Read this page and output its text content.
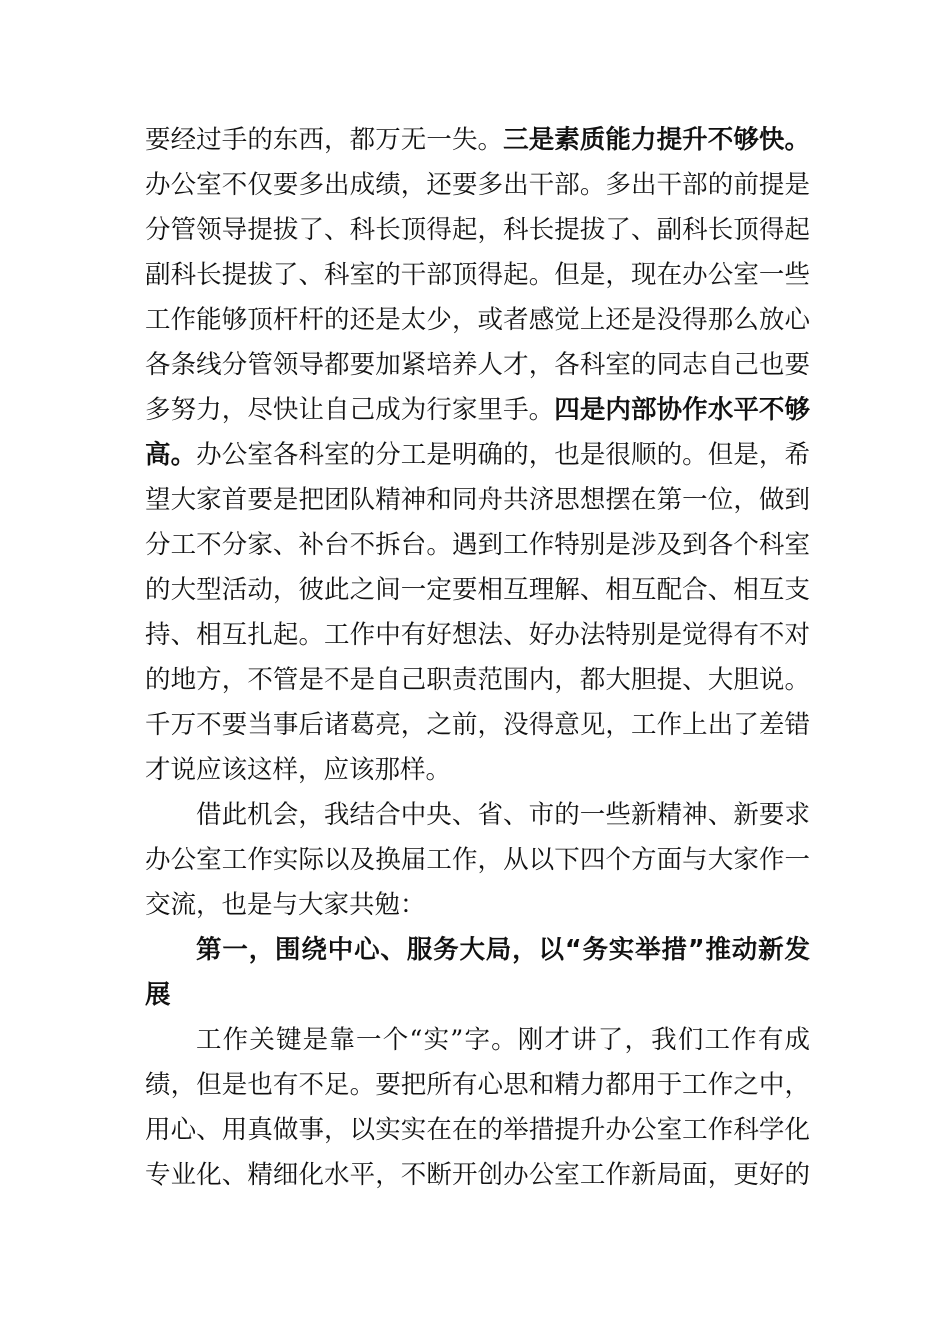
要经过手的东西，都万无一失。三是素质能力提升不够快。
办公室不仅要多出成绩，还要多出干部。多出干部的前提是
分管领导提拔了、科长顶得起，科长提拔了、副科长顶得起
副科长提拔了、科室的干部顶得起。但是，现在办公室一些
工作能够顶杆杆的还是太少，或者感觉上还是没得那么放心
各条线分管领导都要加紧培养人才，各科室的同志自己也要
多努力，尽快让自己成为行家里手。四是内部协作水平不够
高。办公室各科室的分工是明确的，也是很顺的。但是，希
望大家首要是把团队精神和同舟共济思想摆在第一位，做到
分工不分家、补台不拆台。遇到工作特别是涉及到各个科室
的大型活动，彼此之间一定要相互理解、相互配合、相互支
持、相互扎起。工作中有好想法、好办法特别是觉得有不对
的地方，不管是不是自己职责范围内，都大胆提、大胆说。
千万不要当事后诸葛亮，之前，没得意见，工作上出了差错
才说应该这样，应该那样。
借此机会，我结合中央、省、市的一些新精神、新要求
办公室工作实际以及换届工作，从以下四个方面与大家作一
交流，也是与大家共勉：
第一，围绕中心、服务大局，以“务实举措”推动新发
展
工作关键是靠一个“实”字。刚才讲了，我们工作有成
绩，但是也有不足。要把所有心思和精力都用于工作之中，
用心、用真做事，以实实在在的举措提升办公室工作科学化
专业化、精细化水平，不断开创办公室工作新局面，更好的
